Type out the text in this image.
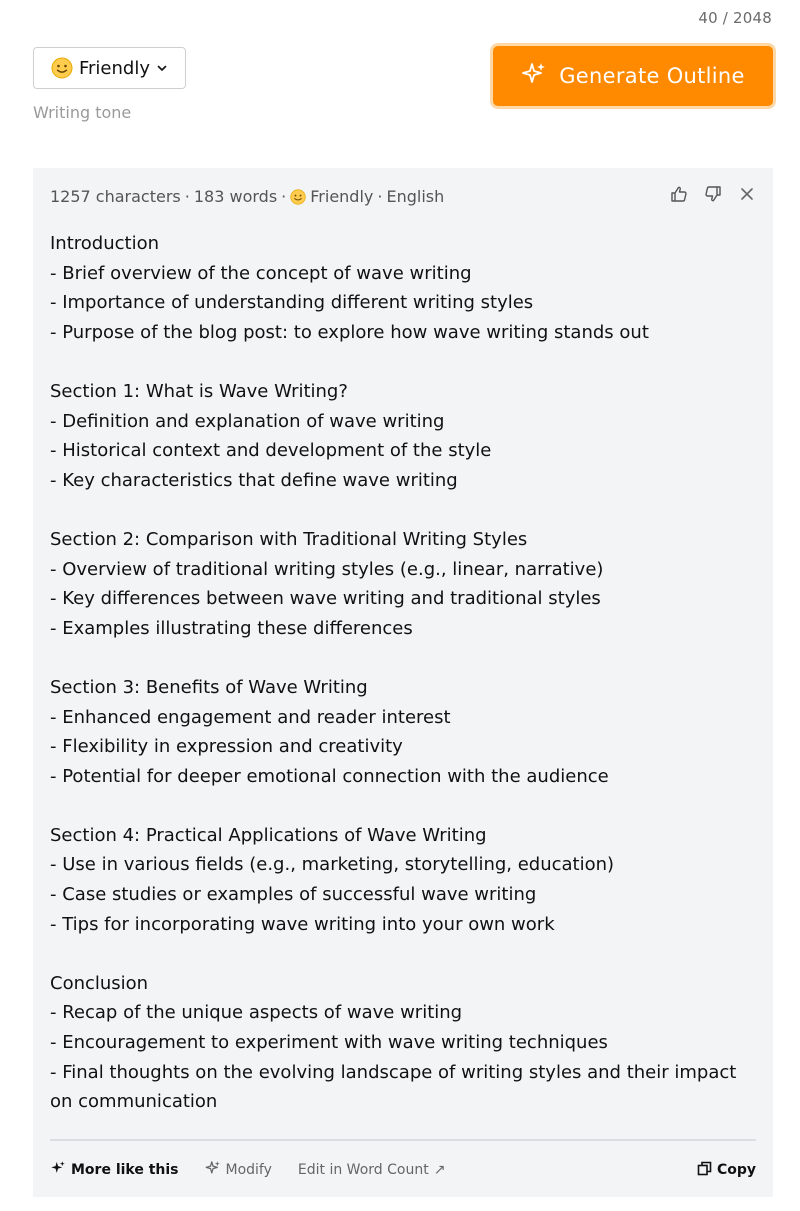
40 / 2048
Friendly
Writing tone
Generate Outline
1257 characters · 183 words · Friendly · English
Introduction
- Brief overview of the concept of wave writing
- Importance of understanding different writing styles
- Purpose of the blog post: to explore how wave writing stands out
Section 1: What is Wave Writing?
- Definition and explanation of wave writing
- Historical context and development of the style
- Key characteristics that define wave writing
Section 2: Comparison with Traditional Writing Styles
- Overview of traditional writing styles (e.g., linear, narrative)
- Key differences between wave writing and traditional styles
- Examples illustrating these differences
Section 3: Benefits of Wave Writing
- Enhanced engagement and reader interest
- Flexibility in expression and creativity
- Potential for deeper emotional connection with the audience
Section 4: Practical Applications of Wave Writing
- Use in various fields (e.g., marketing, storytelling, education)
- Case studies or examples of successful wave writing
- Tips for incorporating wave writing into your own work
Conclusion
- Recap of the unique aspects of wave writing
- Encouragement to experiment with wave writing techniques
- Final thoughts on the evolving landscape of writing styles and their impact on communication
More like this	Modify Edit in Word Count ↗	Copy
